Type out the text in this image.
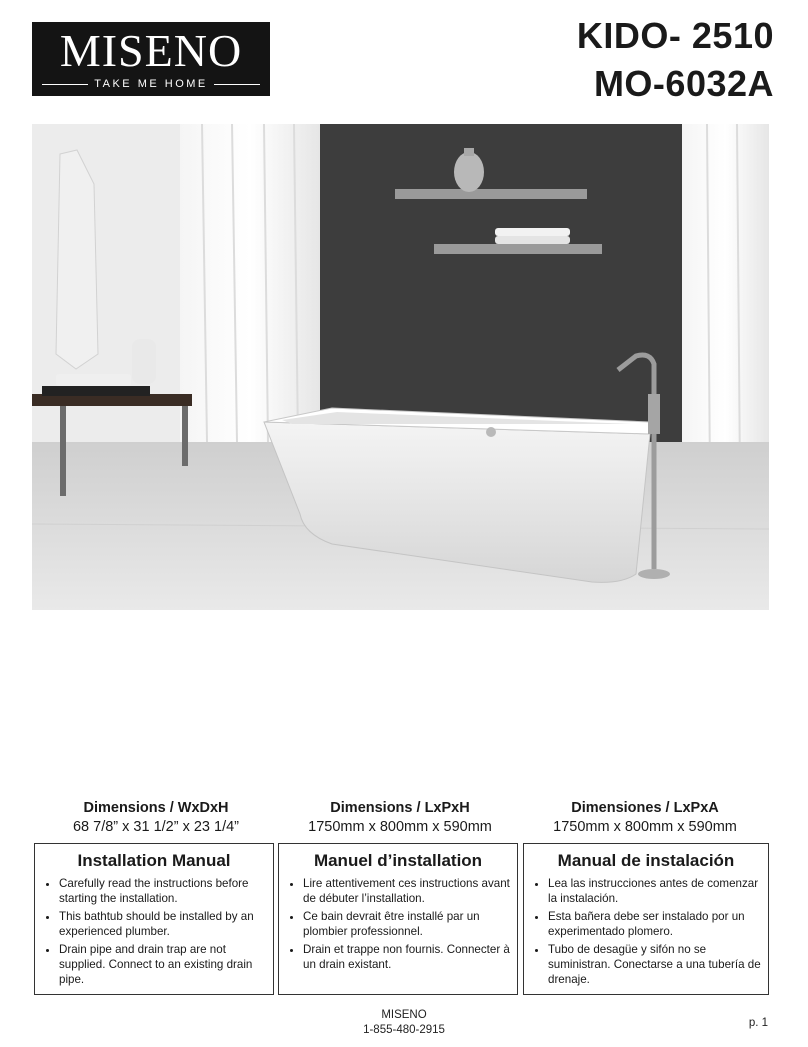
MISENO
TAKE ME HOME
KIDO- 2510
MO-6032A
Dimensions / WxDxH
68 7/8” x 31 1/2” x 23 1/4”
Dimensions / LxPxH
1750mm x 800mm x 590mm
Dimensiones / LxPxA
1750mm x 800mm x 590mm
Installation Manual
• Carefully read the instructions before starting the installation.
• This bathtub should be installed by an experienced plumber.
• Drain pipe and drain trap are not supplied. Connect to an existing drain pipe.
Manuel d’installation
• Lire attentivement ces instructions avant de débuter l’installation.
• Ce bain devrait être installé par un plombier professionnel.
• Drain et trappe non fournis. Connecter à un drain existant.
Manual de instalación
• Lea las instrucciones antes de comenzar la instalación.
• Esta bañera debe ser instalado por un experimentado plomero.
• Tubo de desagüe y sifón no se suministran. Conectarse a una tubería de drenaje.
MISENO
1-855-480-2915
p. 1
